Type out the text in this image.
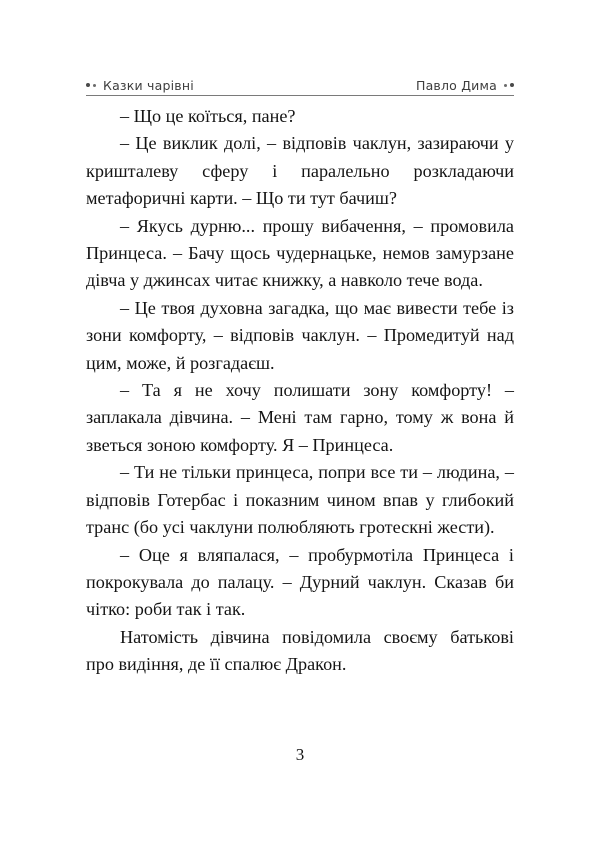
Казки чарівні	Павло Дима

– Що це коїться, пане?

– Це виклик долі, – відповів чаклун, зазираючи у кришталеву сферу і паралельно розкладаючи метафоричні карти. – Що ти тут бачиш?

– Якусь дурню... прошу вибачення, – промовила Принцеса. – Бачу щось чудернацьке, немов замурзане дівча у джинсах читає книжку, а навколо тече вода.

– Це твоя духовна загадка, що має вивести тебе із зони комфорту, – відповів чаклун. – Промедитуй над цим, може, й розгадаєш.

– Та я не хочу полишати зону комфорту! – заплакала дівчина. – Мені там гарно, тому ж вона й зветься зоною комфорту. Я – Принцеса.

– Ти не тільки принцеса, попри все ти – людина, – відповів Готербас і показним чином впав у глибокий транс (бо усі чаклуни полюбляють гротескні жести).

– Оце я вляпалася, – пробурмотіла Принцеса і покрокувала до палацу. – Дурний чаклун. Сказав би чітко: роби так і так.

Натомість дівчина повідомила своєму батькові про видіння, де її спалює Дракон.

3
